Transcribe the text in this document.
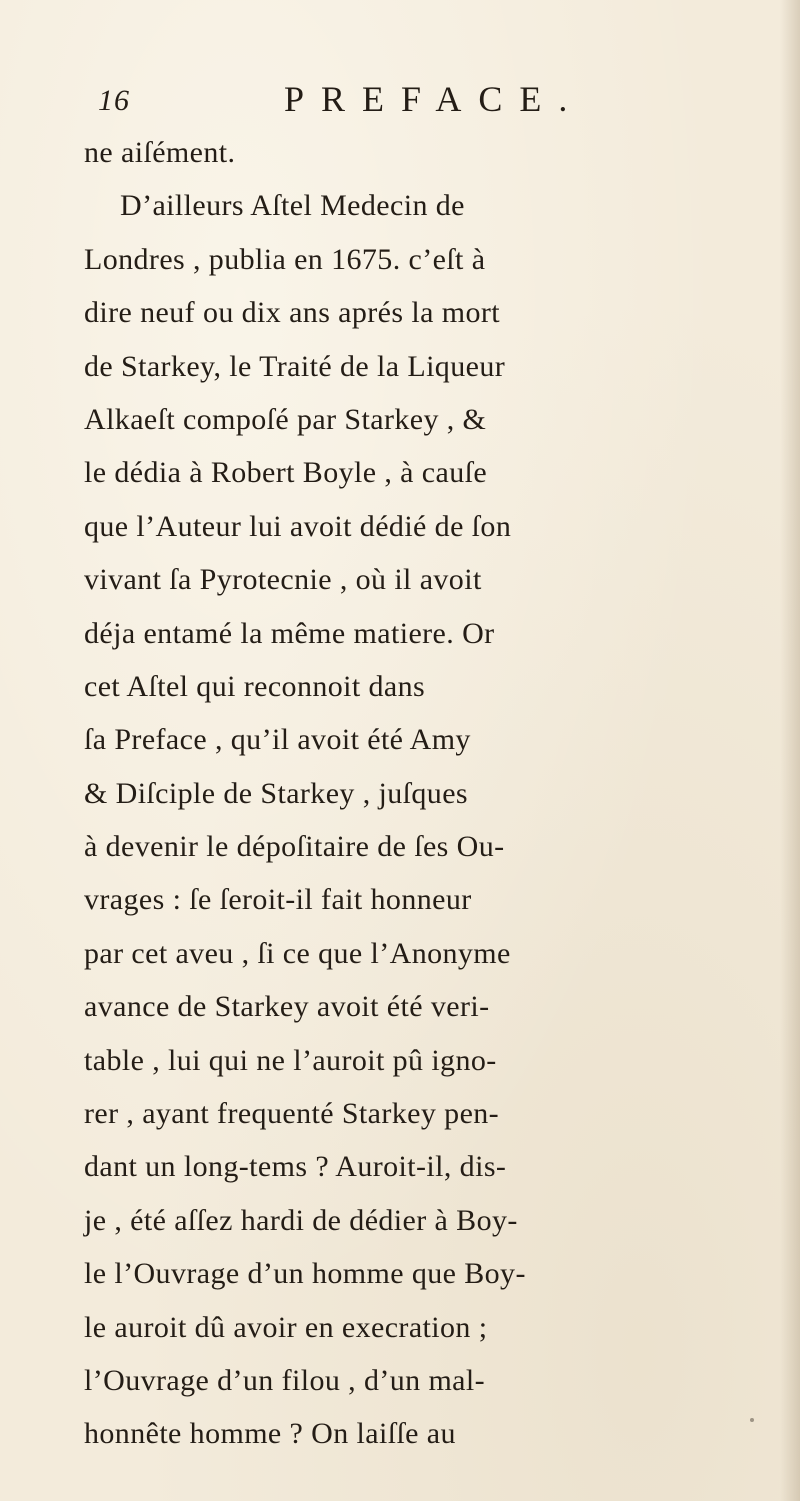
16	PREFACE.
ne aiſément.
D’ailleurs Aſtel Medecin de
Londres , publia en 1675. c’eſt à
dire neuf ou dix ans aprés la mort
de Starkey, le Traité de la Liqueur
Alkaeſt compoſé par Starkey , &
le dédia à Robert Boyle , à cauſe
que l’Auteur lui avoit dédié de ſon
vivant ſa Pyrotecnie , où il avoit
déja entamé la même matiere. Or
cet Aſtel qui reconnoit dans
ſa Preface , qu’il avoit été Amy
& Diſciple de Starkey , juſques
à devenir le dépoſitaire de ſes Ou-
vrages : ſe ſeroit-il fait honneur
par cet aveu , ſi ce que l’Anonyme
avance de Starkey avoit été veri-
table , lui qui ne l’auroit pû igno-
rer , ayant frequenté Starkey pen-
dant un long-tems ? Auroit-il, dis-
je , été aſſez hardi de dédier à Boy-
le l’Ouvrage d’un homme que Boy-
le auroit dû avoir en execration ;
l’Ouvrage d’un filou , d’un mal-
honnête homme ? On laiſſe au
